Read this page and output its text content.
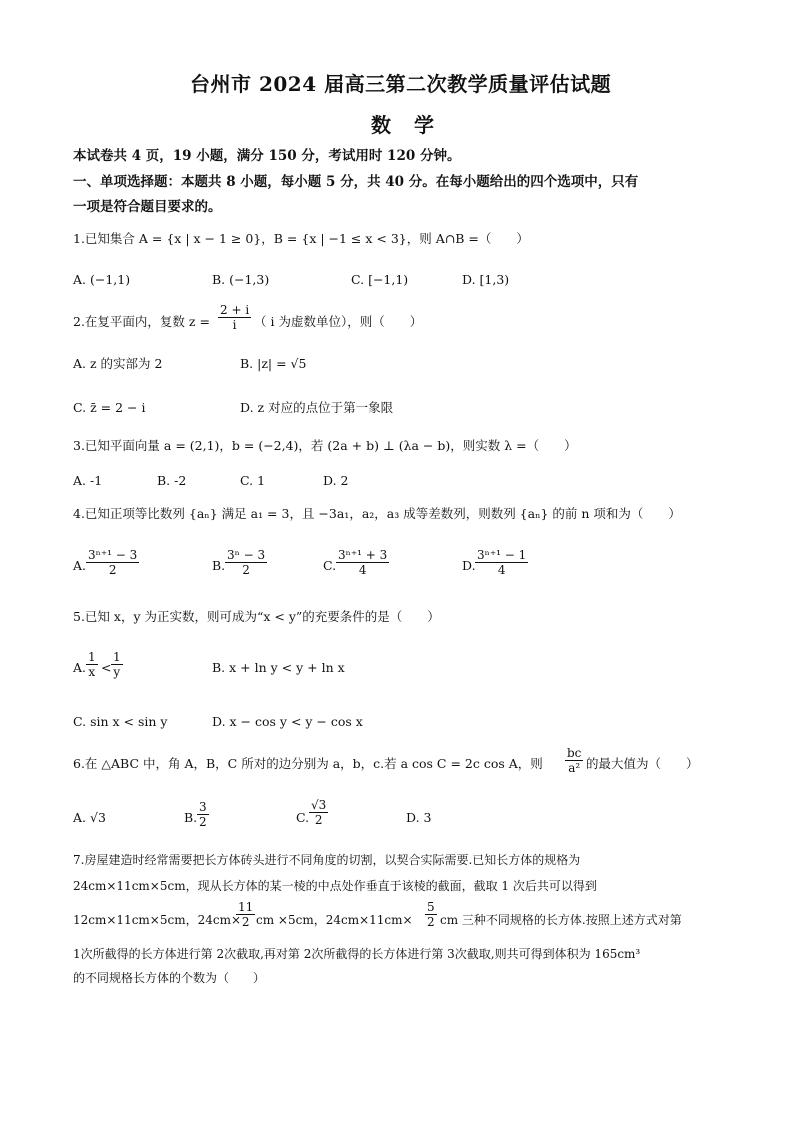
台州市 2024 届高三第二次教学质量评估试题
数 学
本试卷共 4 页，19 小题，满分 150 分，考试用时 120 分钟。
一、单项选择题：本题共 8 小题，每小题 5 分，共 40 分。在每小题给出的四个选项中，只有
一项是符合题目要求的。
1.已知集合 A = {x | x − 1 ≥ 0}，B = {x | −1 ≤ x < 3}，则 A∩B =（　　）
A. (−1,1)	B. (−1,3)	C. [−1,1)	D. [1,3)
2.在复平面内，复数 $z = \frac{2 + i}{i}$ （ i 为虚数单位），则（　　）
A. z 的实部为 2	B. |z| = √5
C. z̄ = 2 − i	D. z 对应的点位于第一象限
3.已知平面向量 a = (2,1)，b = (−2,4)，若 (2a + b) ⊥ (λa − b)，则实数 λ =（　　）
A. -1	B. -2	C. 1	D. 2
4.已知正项等比数列 {aₙ} 满足 a₁ = 3，且 −3a₁，a₂，a₃ 成等差数列，则数列 {aₙ} 的前 n 项和为（　　）
A. $\frac{\text{3ⁿ⁺¹ − 3}}{2}$	B. $\frac{\text{3ⁿ − 3}}{2}$	C. $\frac{\text{3ⁿ⁺¹ + 3}}{4}$	D. $\frac{\text{3ⁿ⁺¹ − 1}}{4}$
5.已知 x，y 为正实数，则可成为“x < y”的充要条件的是（　　）
A. $\frac{1}{x} < \frac{1}{y}$	B. x + ln y < y + ln x
C. sin x < sin y	D. x − cos y < y − cos x
6.在 △ABC 中，角 A，B，C 所对的边分别为 a，b，c.若 a cos C = 2c cos A，则 $\frac{bc}{\text{a²}}$ 的最大值为（　　）
A. √3	B. $\frac{3}{2}$	C. $\frac{√3}{2}$	D. 3
7.房屋建造时经常需要把长方体砖头进行不同角度的切割，以契合实际需要.已知长方体的规格为
24cm×11cm×5cm，现从长方体的某一棱的中点处作垂直于该棱的截面，截取 1 次后共可以得到
12cm×11cm×5cm，24cm×
$\frac{11}{2}$ cm ×5cm，$24cm\times 11cm\times \frac{5}{2}$ cm 三种不同规格的长方体.按照上述方式对第
1次所截得的长方体进行第 2次截取,再对第 2次所截得的长方体进行第 3次截取,则共可得到体积为 165cm³
的不同规格长方体的个数为（　　）
